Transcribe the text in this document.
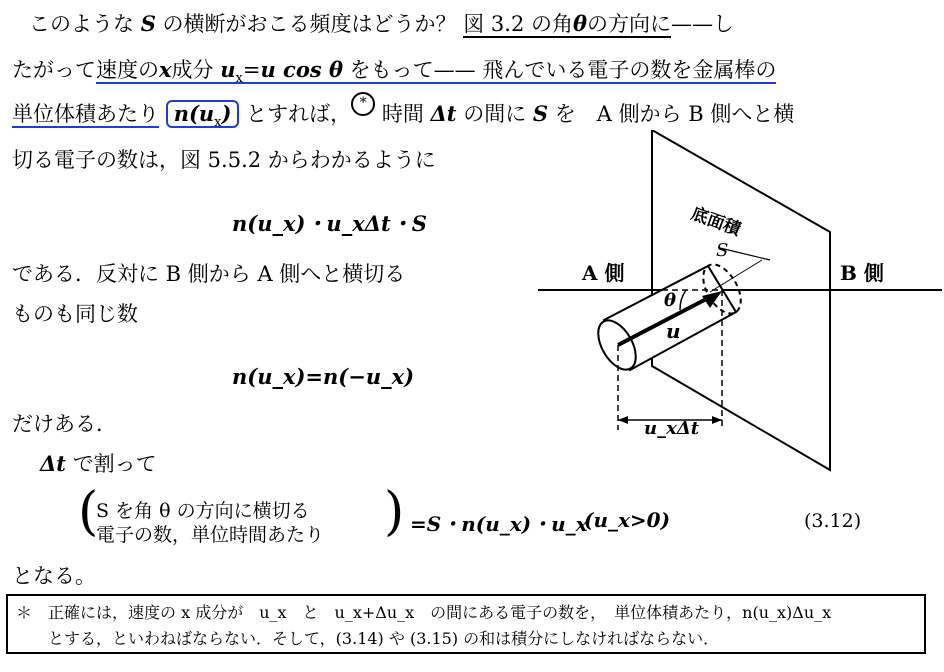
　このような S の横断がおこる頻度はどうか？ 図 3.2 の角θの方向に——し
たがって速度のx成分 $u_x=u$ cos θ をもって—— 飛んでいる電子の数を金属棒の
単位体積あたり $n(u_x)$ とすれば， * 時間 Δt の間に S を　A 側から B 側へと横
切る電子の数は，図 5.5.2 からわかるように
n(u_x)・u_xΔt・S
である．反対に B 側から A 側へと横切る
ものも同じ数
n(u_x)=n(−u_x)
だけある．
Δt で割って
(
S を角 θ の方向に横切る
電子の数，単位時間あたり ) =S・n(u_x)・u_x
(u_x>0)	(3.12)
となる。
A 側	B 側
底面積
S
θ
u
u_xΔt
＊　正確には，速度の x 成分が　u_x　と　u_x+Δu_x　の間にある電子の数を，　単位体積あたり，n(u_x)Δu_x
　　とする，といわねばならない．そして，(3.14) や (3.15) の和は積分にしなければならない．
